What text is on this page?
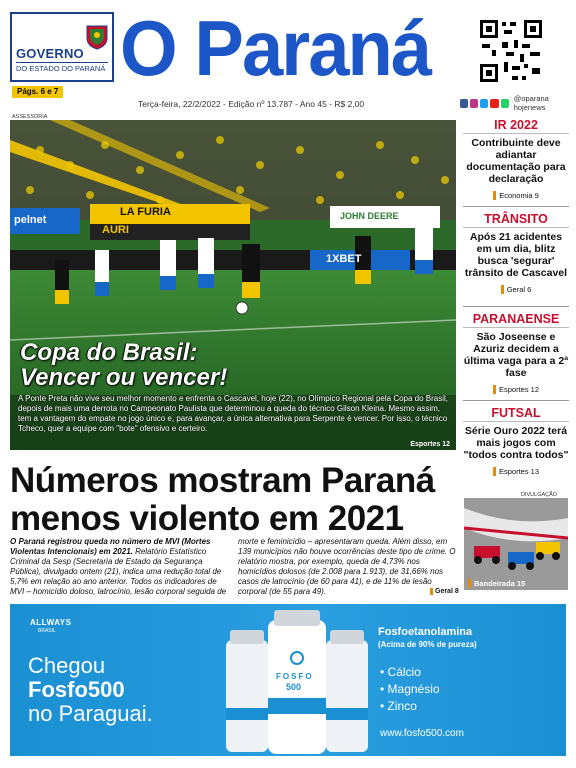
GOVERNO
DO ESTADO DO PARANÁ
Págs. 6 e 7 O Paraná
Terça-feira, 22/2/2022 - Edição nº 13.787 - Ano 45 - R$ 2,00
@oparana hojenews
ASSESSORIA
LA FURIA
AURI
JOHN DEERE
1XBET
pelnet
Copa do Brasil:
Vencer ou vencer!

A Ponte Preta não vive seu melhor momento e enfrenta o Cascavel, hoje (22), no Olímpico Regional pela Copa do Brasil, depois de mais uma derrota no Campeonato Paulista que determinou a queda do técnico Gilson Kleina. Mesmo assim, tem a vantagem do empate no jogo único e, para avançar, a única alternativa para Serpente é vencer. Por isso, o técnico Tcheco, quer a equipe com "bote" ofensivo e certeiro.

Esportes 12
IR 2022
Contribuinte deve adiantar documentação para declaração
Economia 9
TRÂNSITO
Após 21 acidentes em um dia, blitz busca 'segurar' trânsito de Cascavel
Geral 6
PARANAENSE
São Joseense e Azuriz decidem a última vaga para a 2ª fase
Esportes 12
FUTSAL
Série Ouro 2022 terá mais jogos com "todos contra todos"
Esportes 13
Números mostram Paraná menos violento em 2021

O Paraná registrou queda no número de MVI (Mortes Violentas Intencionais) em 2021. Relatório Estatístico Criminal da Sesp (Secretaria de Estado da Segurança Pública), divulgado ontem (21), indica uma redução total de 5,7% em relação ao ano anterior. Todos os indicadores de MVI – homicídio doloso, latrocínio, lesão corporal seguida de morte e feminicídio – apresentaram queda. Além disso, em 139 municípios não houve ocorrências deste tipo de crime. O relatório mostra, por exemplo, queda de 4,73% nos homicídios dolosos (de 2.008 para 1.913), de 31,66% nos casos de latrocínio (de 60 para 41), e de 11% de lesão corporal (de 55 para 49).	Geral 8
DIVULGAÇÃO
Bandeirada 15
ALLWAYS
BRASIL
Chegou
Fosfo500
no Paraguai.
FOSFO
500
Fosfoetanolamina
(Acima de 90% de pureza)
• Cálcio
• Magnésio
• Zinco
www.fosfo500.com
